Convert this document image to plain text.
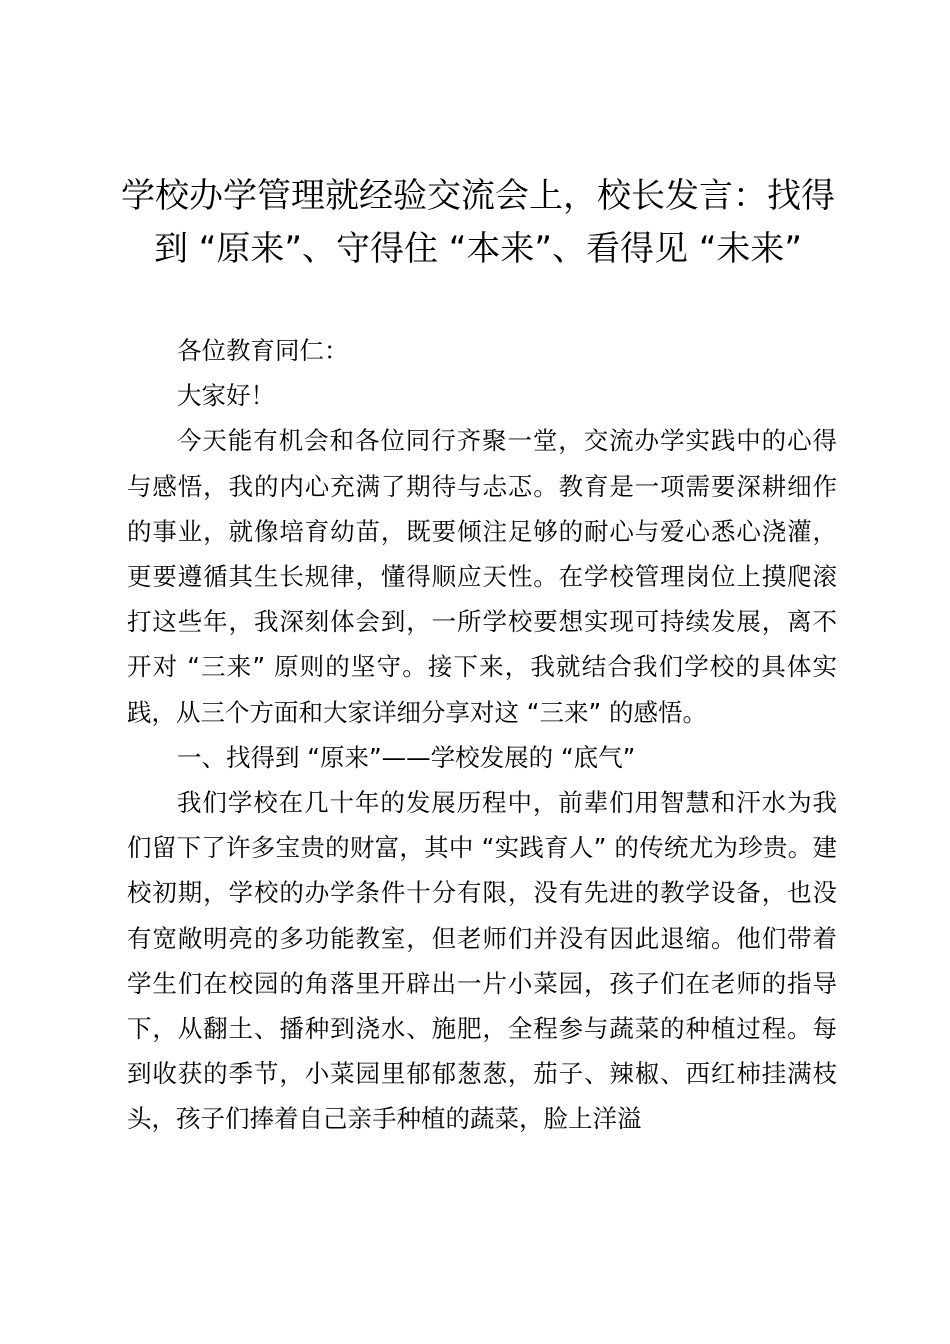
学校办学管理就经验交流会上，校长发言：找得到 “原来”、守得住 “本来”、看得见 “未来”

各位教育同仁：

大家好！

今天能有机会和各位同行齐聚一堂，交流办学实践中的心得与感悟，我的内心充满了期待与忐忑。教育是一项需要深耕细作的事业，就像培育幼苗，既要倾注足够的耐心与爱心悉心浇灌，更要遵循其生长规律，懂得顺应天性。在学校管理岗位上摸爬滚打这些年，我深刻体会到，一所学校要想实现可持续发展，离不开对 “三来” 原则的坚守。接下来，我就结合我们学校的具体实践，从三个方面和大家详细分享对这 “三来” 的感悟。

一、找得到 “原来”——学校发展的 “底气”

我们学校在几十年的发展历程中，前辈们用智慧和汗水为我们留下了许多宝贵的财富，其中 “实践育人” 的传统尤为珍贵。建校初期，学校的办学条件十分有限，没有先进的教学设备，也没有宽敞明亮的多功能教室，但老师们并没有因此退缩。他们带着学生们在校园的角落里开辟出一片小菜园，孩子们在老师的指导下，从翻土、播种到浇水、施肥，全程参与蔬菜的种植过程。每到收获的季节，小菜园里郁郁葱葱，茄子、辣椒、西红柿挂满枝头，孩子们捧着自己亲手种植的蔬菜，脸上洋溢
